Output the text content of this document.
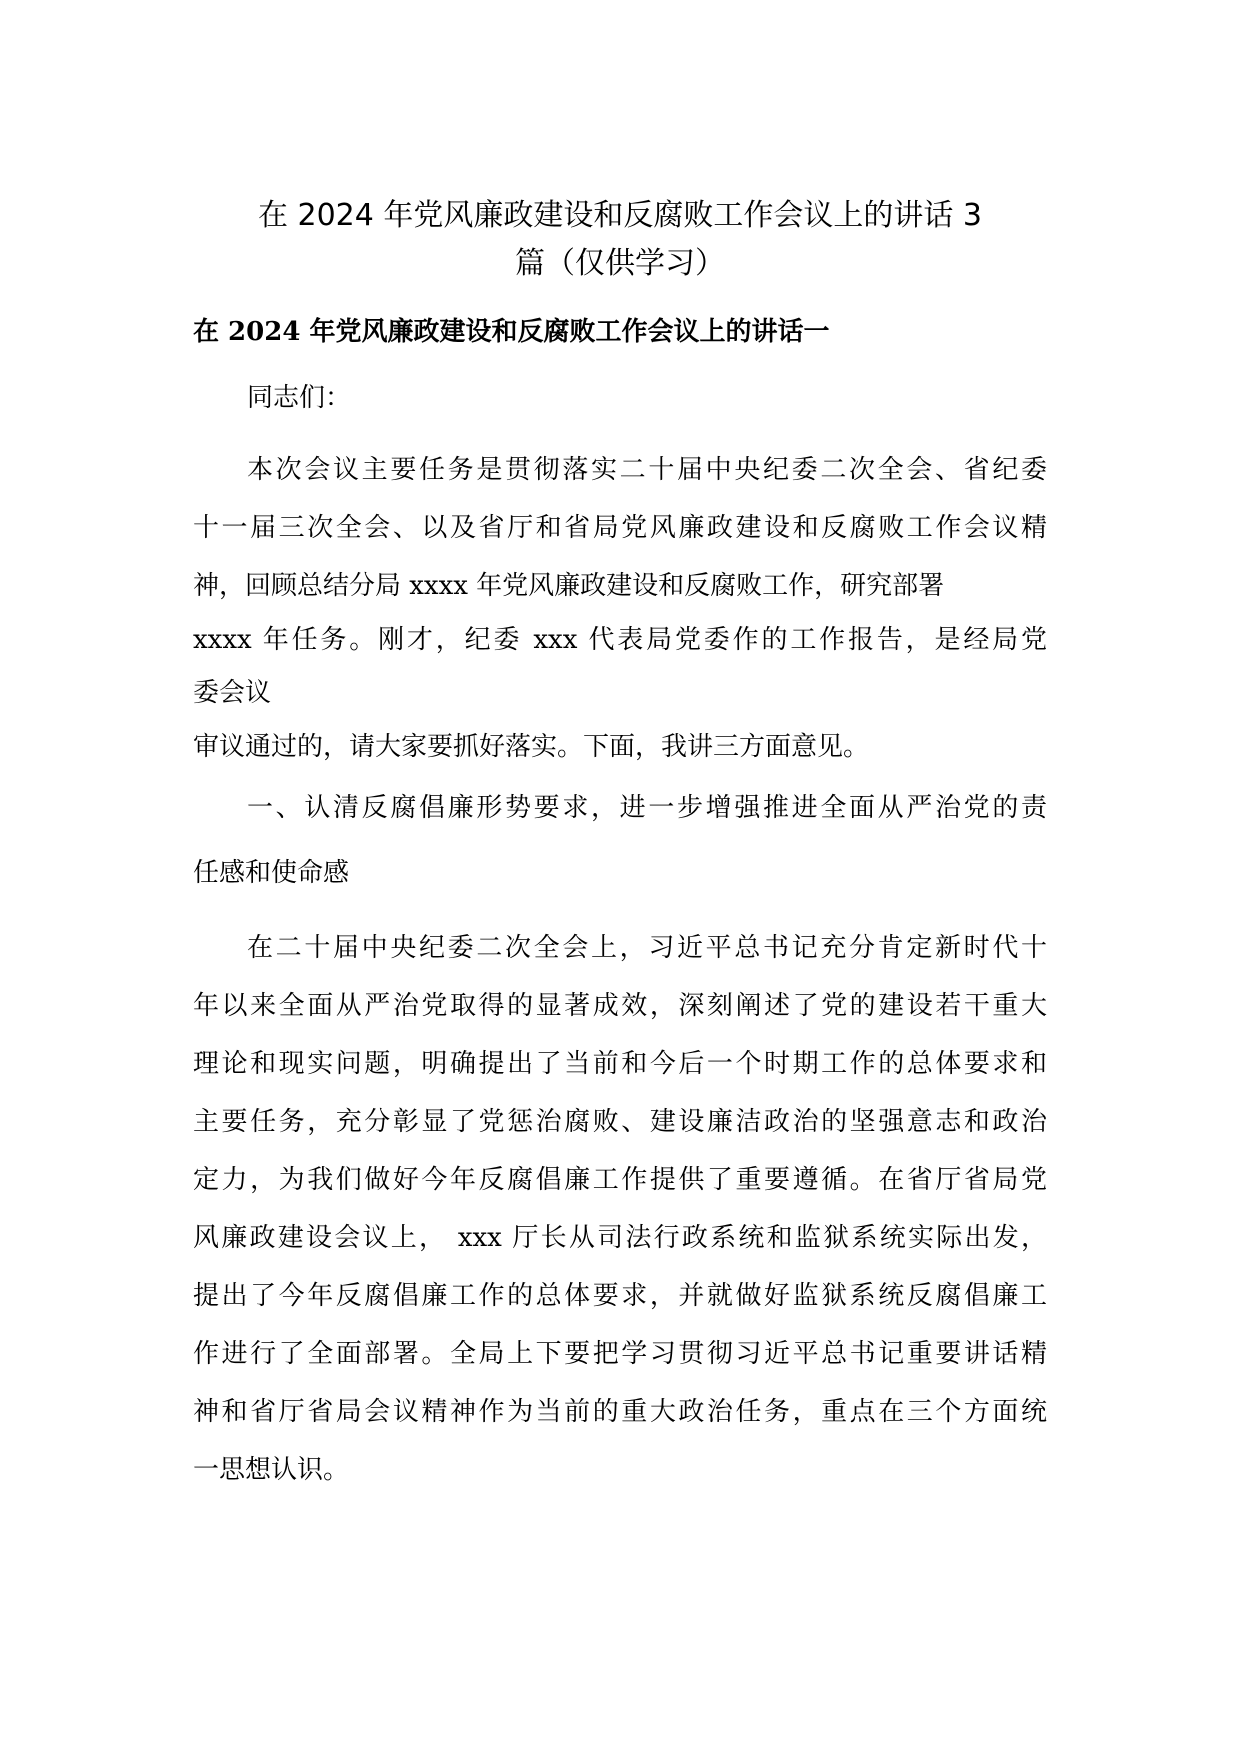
在 2024 年党风廉政建设和反腐败工作会议上的讲话 3
篇（仅供学习）
在 2024 年党风廉政建设和反腐败工作会议上的讲话一

同志们：

本次会议主要任务是贯彻落实二十届中央纪委二次全会、省纪委

十一届三次全会、以及省厅和省局党风廉政建设和反腐败工作会议精

神，回顾总结分局 xxxx 年党风廉政建设和反腐败工作，研究部署

xxxx 年任务。刚才，纪委 xxx 代表局党委作的工作报告，是经局党

委会议

审议通过的，请大家要抓好落实。下面，我讲三方面意见。

一、认清反腐倡廉形势要求，进一步增强推进全面从严治党的责

任感和使命感

在二十届中央纪委二次全会上，习近平总书记充分肯定新时代十

年以来全面从严治党取得的显著成效，深刻阐述了党的建设若干重大

理论和现实问题，明确提出了当前和今后一个时期工作的总体要求和

主要任务，充分彰显了党惩治腐败、建设廉洁政治的坚强意志和政治

定力，为我们做好今年反腐倡廉工作提供了重要遵循。在省厅省局党

风廉政建设会议上， xxx 厅长从司法行政系统和监狱系统实际出发，

提出了今年反腐倡廉工作的总体要求，并就做好监狱系统反腐倡廉工

作进行了全面部署。全局上下要把学习贯彻习近平总书记重要讲话精

神和省厅省局会议精神作为当前的重大政治任务，重点在三个方面统

一思想认识。
